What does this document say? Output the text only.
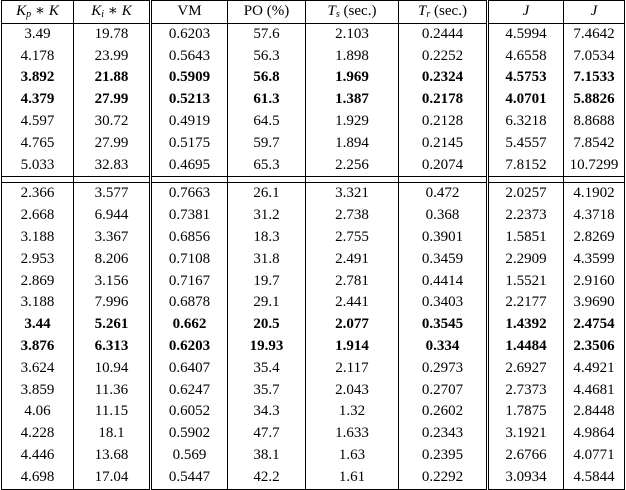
$K_p$ ∗ K	$K_i$ ∗ K	VM	PO (%)	$T_s$ (sec.)	$T_r$ (sec.)	J	J
3.49	19.78	0.6203	57.6	2.103	0.2444	4.5994	7.4642
4.178	23.99	0.5643	56.3	1.898	0.2252	4.6558	7.0534
3.892	21.88	0.5909	56.8	1.969	0.2324	4.5753	7.1533
4.379	27.99	0.5213	61.3	1.387	0.2178	4.0701	5.8826
4.597	30.72	0.4919	64.5	1.929	0.2128	6.3218	8.8688
4.765	27.99	0.5175	59.7	1.894	0.2145	5.4557	7.8542
5.033	32.83	0.4695	65.3	2.256	0.2074	7.8152	10.7299

2.366	3.577	0.7663	26.1	3.321	0.472	2.0257	4.1902
2.668	6.944	0.7381	31.2	2.738	0.368	2.2373	4.3718
3.188	3.367	0.6856	18.3	2.755	0.3901	1.5851	2.8269
2.953	8.206	0.7108	31.8	2.491	0.3459	2.2909	4.3599
2.869	3.156	0.7167	19.7	2.781	0.4414	1.5521	2.9160
3.188	7.996	0.6878	29.1	2.441	0.3403	2.2177	3.9690
3.44	5.261	0.662	20.5	2.077	0.3545	1.4392	2.4754
3.876	6.313	0.6203	19.93	1.914	0.334	1.4484	2.3506
3.624	10.94	0.6407	35.4	2.117	0.2973	2.6927	4.4921
3.859	11.36	0.6247	35.7	2.043	0.2707	2.7373	4.4681
4.06	11.15	0.6052	34.3	1.32	0.2602	1.7875	2.8448
4.228	18.1	0.5902	47.7	1.633	0.2343	3.1921	4.9864
4.446	13.68	0.569	38.1	1.63	0.2395	2.6766	4.0771
4.698	17.04	0.5447	42.2	1.61	0.2292	3.0934	4.5844
